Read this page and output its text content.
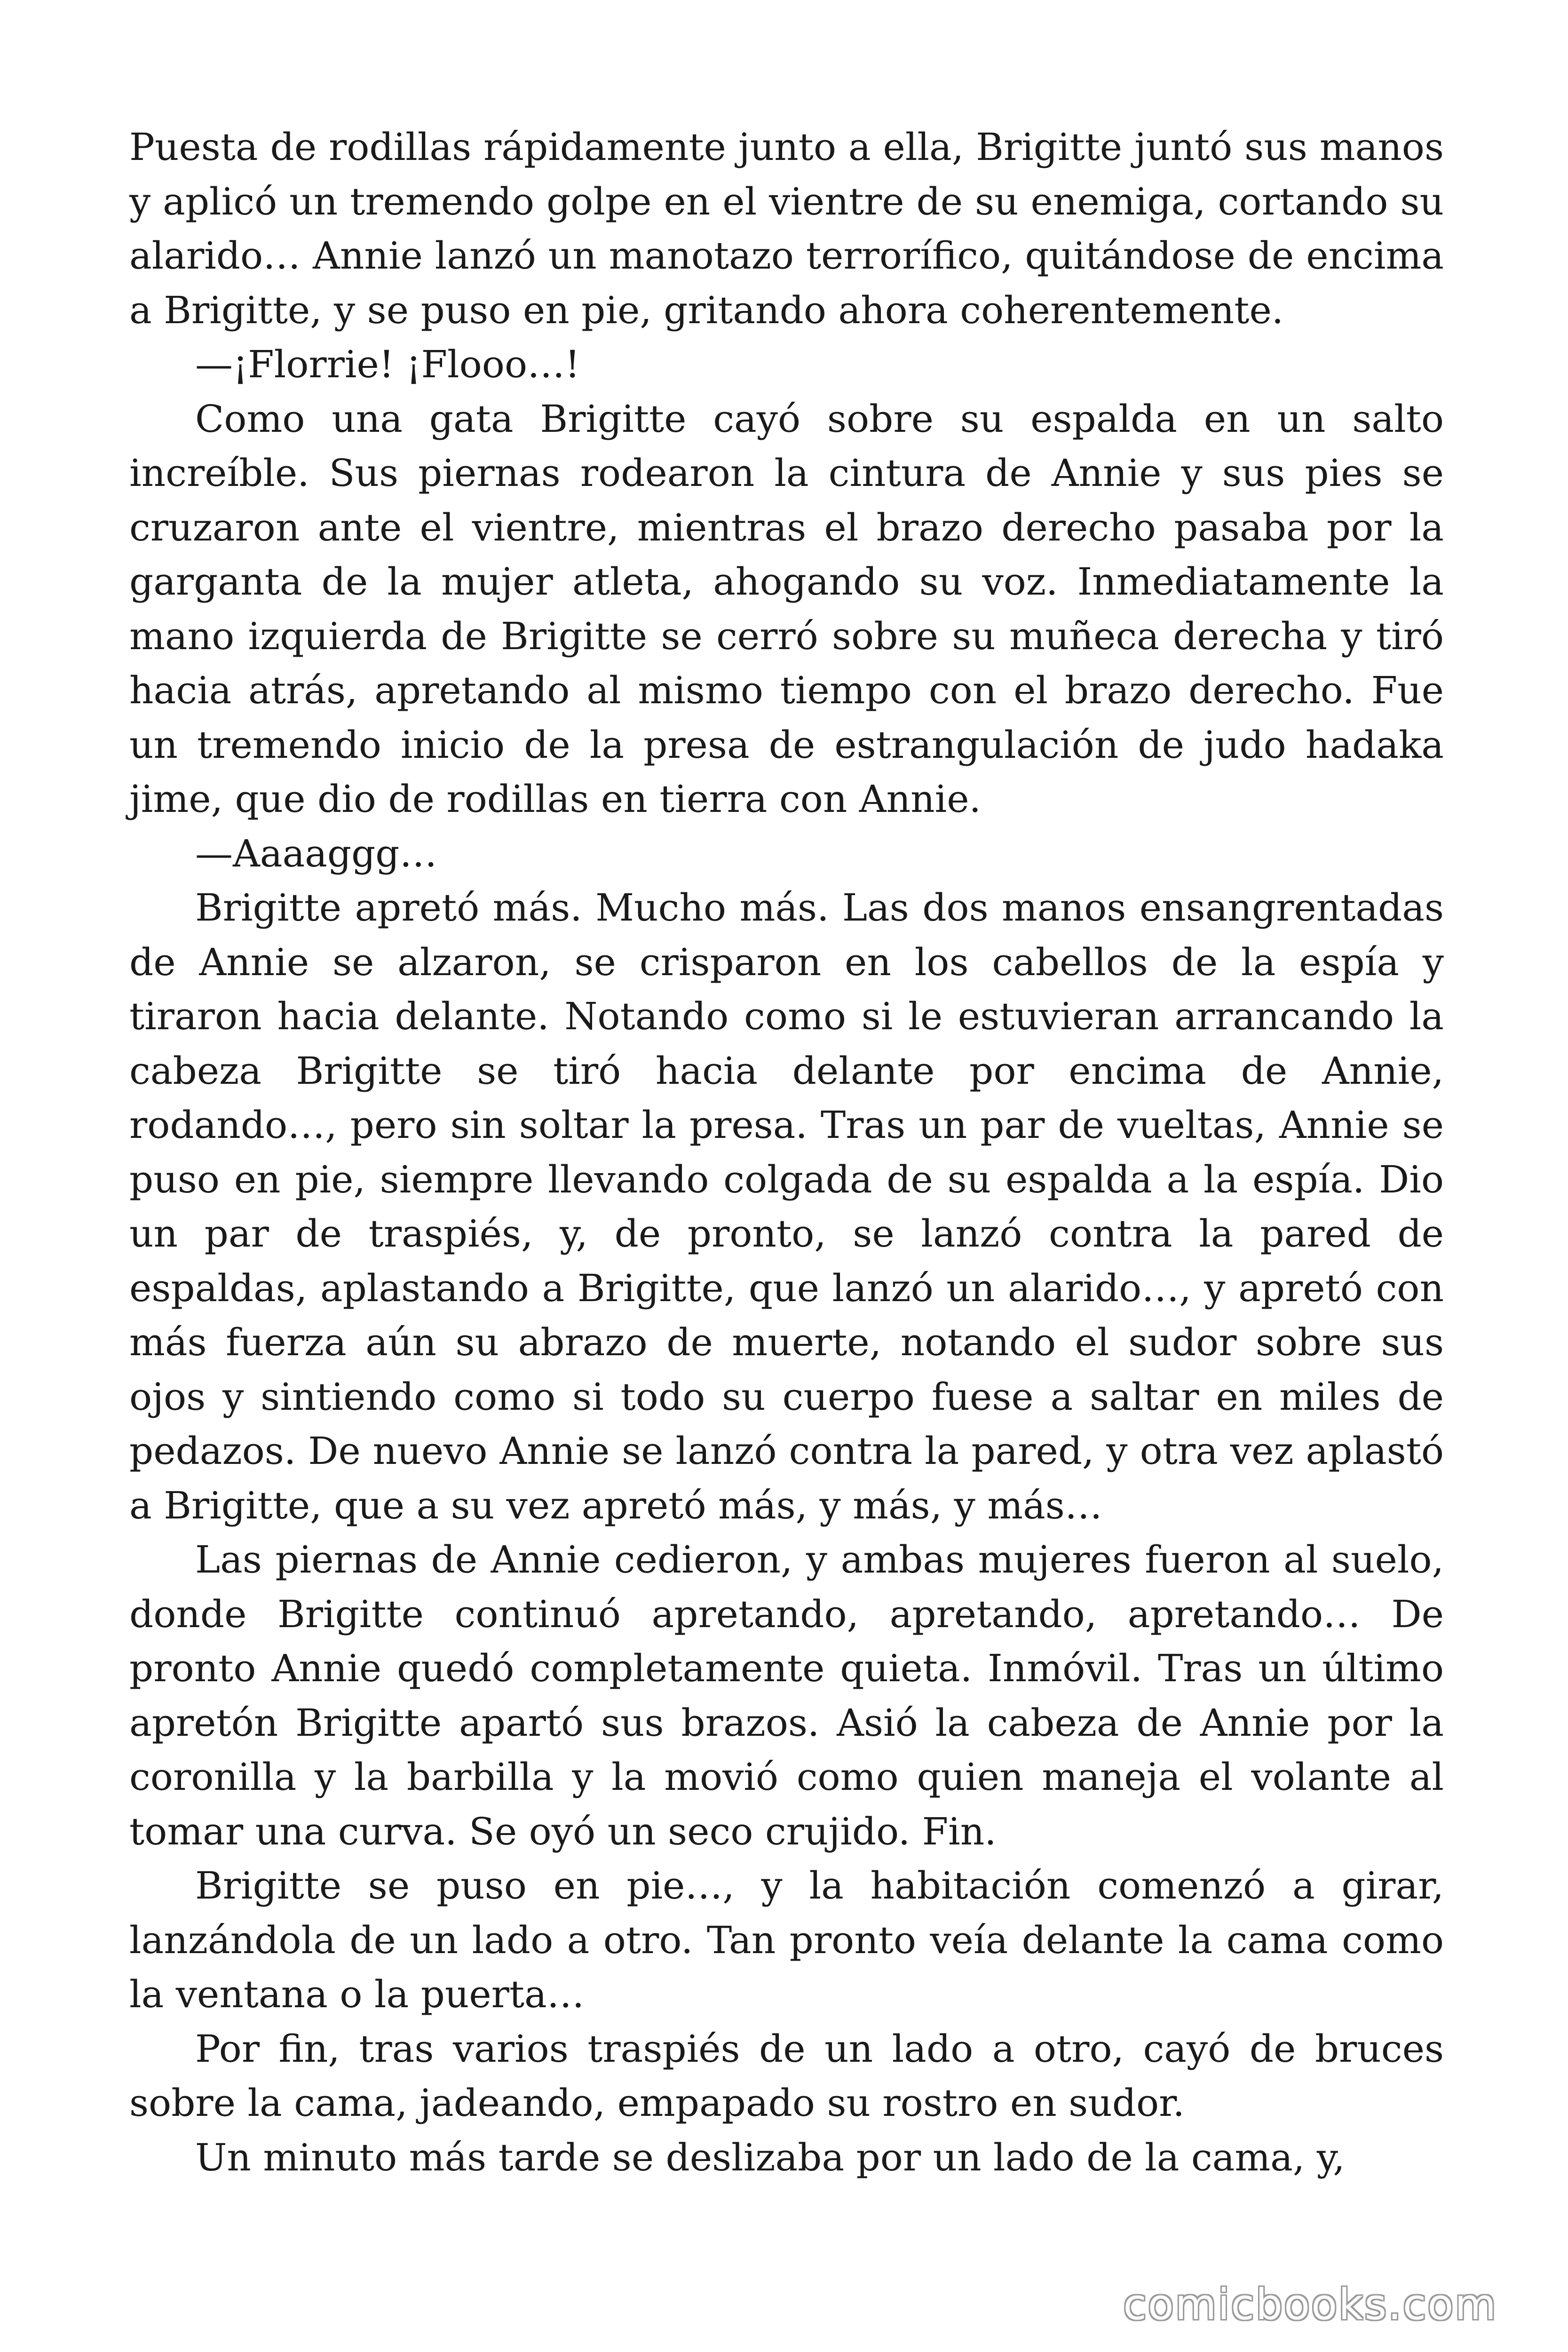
Puesta de rodillas rápidamente junto a ella, Brigitte juntó sus manos y aplicó un tremendo golpe en el vientre de su enemiga, cortando su alarido… Annie lanzó un manotazo terrorífico, quitándose de encima a Brigitte, y se puso en pie, gritando ahora coherentemente.

—¡Florrie! ¡Flooo…!

Como una gata Brigitte cayó sobre su espalda en un salto increíble. Sus piernas rodearon la cintura de Annie y sus pies se cruzaron ante el vientre, mientras el brazo derecho pasaba por la garganta de la mujer atleta, ahogando su voz. Inmediatamente la mano izquierda de Brigitte se cerró sobre su muñeca derecha y tiró hacia atrás, apretando al mismo tiempo con el brazo derecho. Fue un tremendo inicio de la presa de estrangulación de judo hadaka jime, que dio de rodillas en tierra con Annie.

—Aaaaggg…

Brigitte apretó más. Mucho más. Las dos manos ensangrentadas de Annie se alzaron, se crisparon en los cabellos de la espía y tiraron hacia delante. Notando como si le estuvieran arrancando la cabeza Brigitte se tiró hacia delante por encima de Annie, rodando…, pero sin soltar la presa. Tras un par de vueltas, Annie se puso en pie, siempre llevando colgada de su espalda a la espía. Dio un par de traspiés, y, de pronto, se lanzó contra la pared de espaldas, aplastando a Brigitte, que lanzó un alarido…, y apretó con más fuerza aún su abrazo de muerte, notando el sudor sobre sus ojos y sintiendo como si todo su cuerpo fuese a saltar en miles de pedazos. De nuevo Annie se lanzó contra la pared, y otra vez aplastó a Brigitte, que a su vez apretó más, y más, y más…

Las piernas de Annie cedieron, y ambas mujeres fueron al suelo, donde Brigitte continuó apretando, apretando, apretando… De pronto Annie quedó completamente quieta. Inmóvil. Tras un último apretón Brigitte apartó sus brazos. Asió la cabeza de Annie por la coronilla y la barbilla y la movió como quien maneja el volante al tomar una curva. Se oyó un seco crujido. Fin.

Brigitte se puso en pie…, y la habitación comenzó a girar, lanzándola de un lado a otro. Tan pronto veía delante la cama como la ventana o la puerta…

Por fin, tras varios traspiés de un lado a otro, cayó de bruces sobre la cama, jadeando, empapado su rostro en sudor.

Un minuto más tarde se deslizaba por un lado de la cama, y,

comicbooks.com
